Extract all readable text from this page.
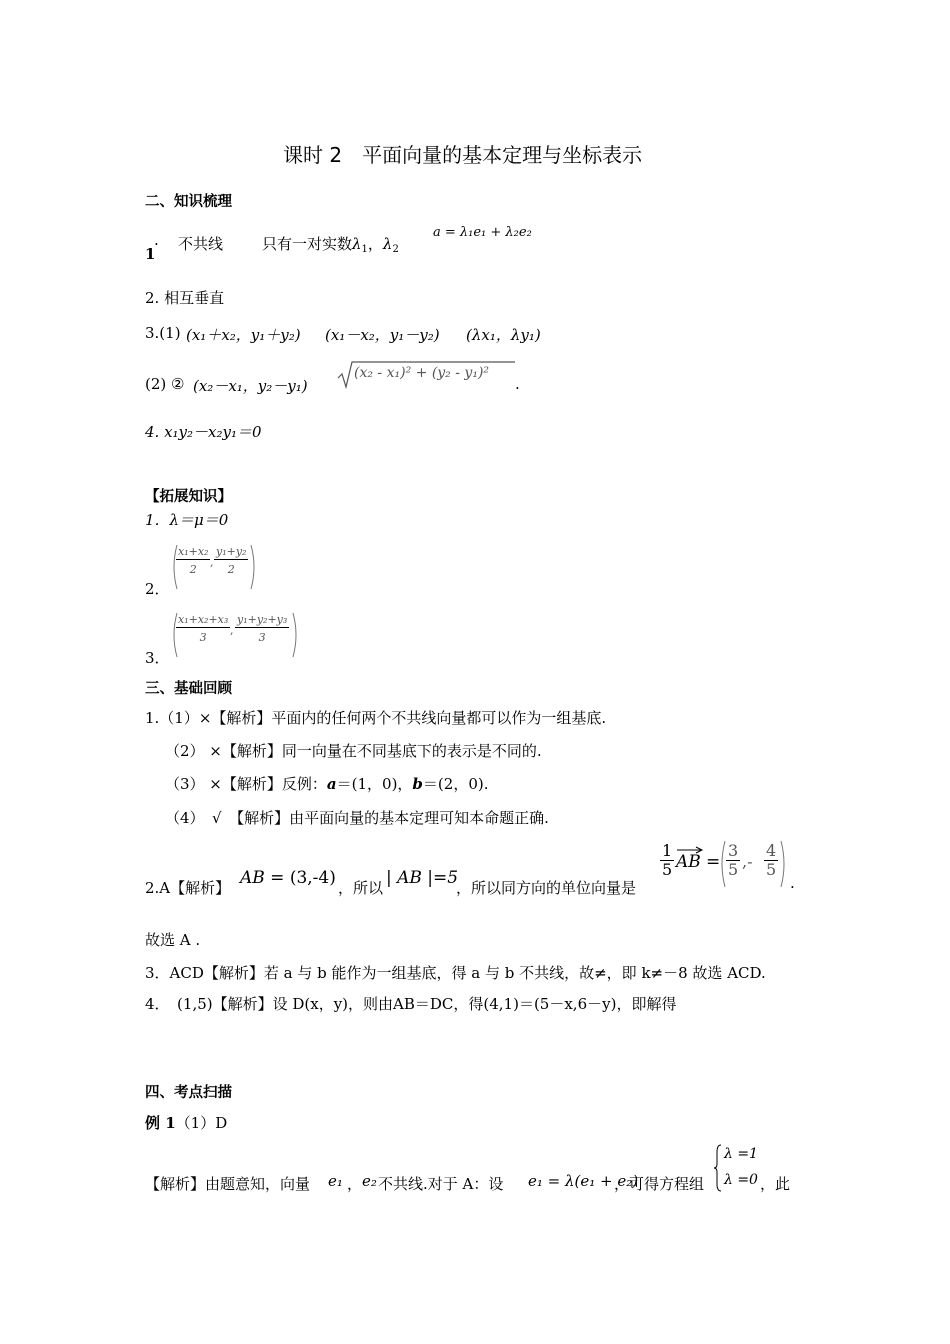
课时 2　平面向量的基本定理与坐标表示
二、知识梳理
1
. 不共线	只有一对实数$\lambda_1$，$\lambda_2$
a = λ₁e₁ + λ₂e₂
2. 相互垂直
3.(1) (x₁＋x₂，y₁＋y₂) (x₁－x₂，y₁－y₂) (λx₁，λy₁)
(2) ② (x₂－x₁，y₂－y₁)
(x₂ - x₁)² + (y₂ - y₁)²
.
4. x₁y₂－x₂y₁＝0
【拓展知识】
1．λ＝μ＝0
2．
$\frac{\text{x₁+x₂}}{2}$ , $\frac{\text{y₁+y₂}}{2}$
3．
$\frac{\text{x₁+x₂+x₃}}{3}$ , $\frac{\text{y₁+y₂+y₃}}{3}$
三、基础回顾
1.（1）×【解析】平面内的任何两个不共线向量都可以作为一组基底.
（2） ×【解析】同一向量在不同基底下的表示是不同的.
（3） ×【解析】反例：a＝(1，0)，b＝(2，0).
（4）　√　【解析】由平面向量的基本定理可知本命题正确.
2.A【解析】 AB = (3,-4) ，所以 | AB |=5
，所以同方向的单位向量是
$\frac{1}{5}$ AB = $\frac{3}{5}$ ,- $\frac{4}{5}$
.
故选 A .
3．ACD【解析】若 a 与 b 能作为一组基底，得 a 与 b 不共线，故≠，即 k≠－8 故选 ACD.
4．　(1,5)【解析】设 D(x，y)，则由AB＝DC，得(4,1)＝(5－x,6－y)，即解得
四、考点扫描
例 1（1）D
【解析】由题意知，向量 e₁ ， e₂ 不共线.对于 A：设 e₁ = λ(e₁ + e₂)
，可得方程组
λ =1
λ =0 ，此
